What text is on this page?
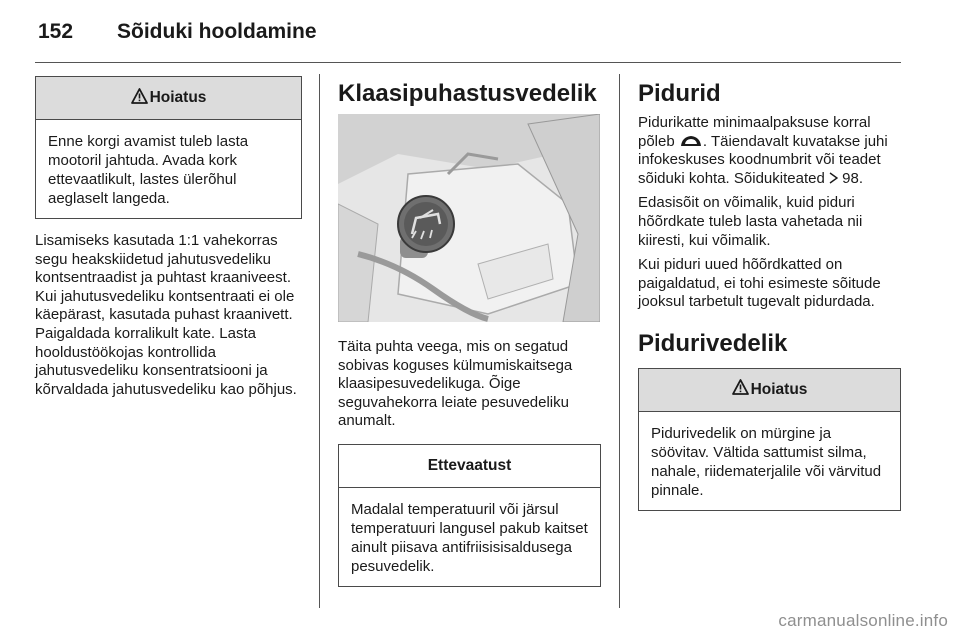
152 Sõiduki hooldamine
Hoiatus
Enne korgi avamist tuleb lasta mootoril jahtuda. Avada kork ettevaatlikult, lastes ülerõhul aeglaselt langeda.

Lisamiseks kasutada 1:1 vahekorras segu heakskiidetud jahutusvedeliku kontsentraadist ja puhtast kraaniveest. Kui jahutusvedeliku kontsentraati ei ole käepärast, kasutada puhast kraanivett. Paigaldada korralikult kate. Lasta hooldustöökojas kontrollida jahutusvedeliku konsentratsiooni ja kõrvaldada jahutusvedeliku kao põhjus.

Klaasipuhastusvedelik

Täita puhta veega, mis on segatud sobivas koguses külmumiskaitsega klaasipesuvedelikuga. Õige seguvahekorra leiate pesuvedeliku anumalt.

Ettevaatust
Madalal temperatuuril või järsul temperatuuri langusel pakub kaitset ainult piisava antifriisisisaldusega pesuvedelik.
Pidurid

Pidurikatte minimaalpaksuse korral põleb . Täiendavalt kuvatakse juhi infokeskuses koodnumbrit või teadet sõiduki kohta. Sõidukiteated  98.

Edasisõit on võimalik, kuid piduri hõõrdkate tuleb lasta vahetada nii kiiresti, kui võimalik.

Kui piduri uued hõõrdkatted on paigaldatud, ei tohi esimeste sõitude jooksul tarbetult tugevalt pidurdada.

Pidurivedelik
Hoiatus
Pidurivedelik on mürgine ja söövitav. Vältida sattumist silma, nahale, riidematerjalile või värvitud pinnale.
carmanualsonline.info
